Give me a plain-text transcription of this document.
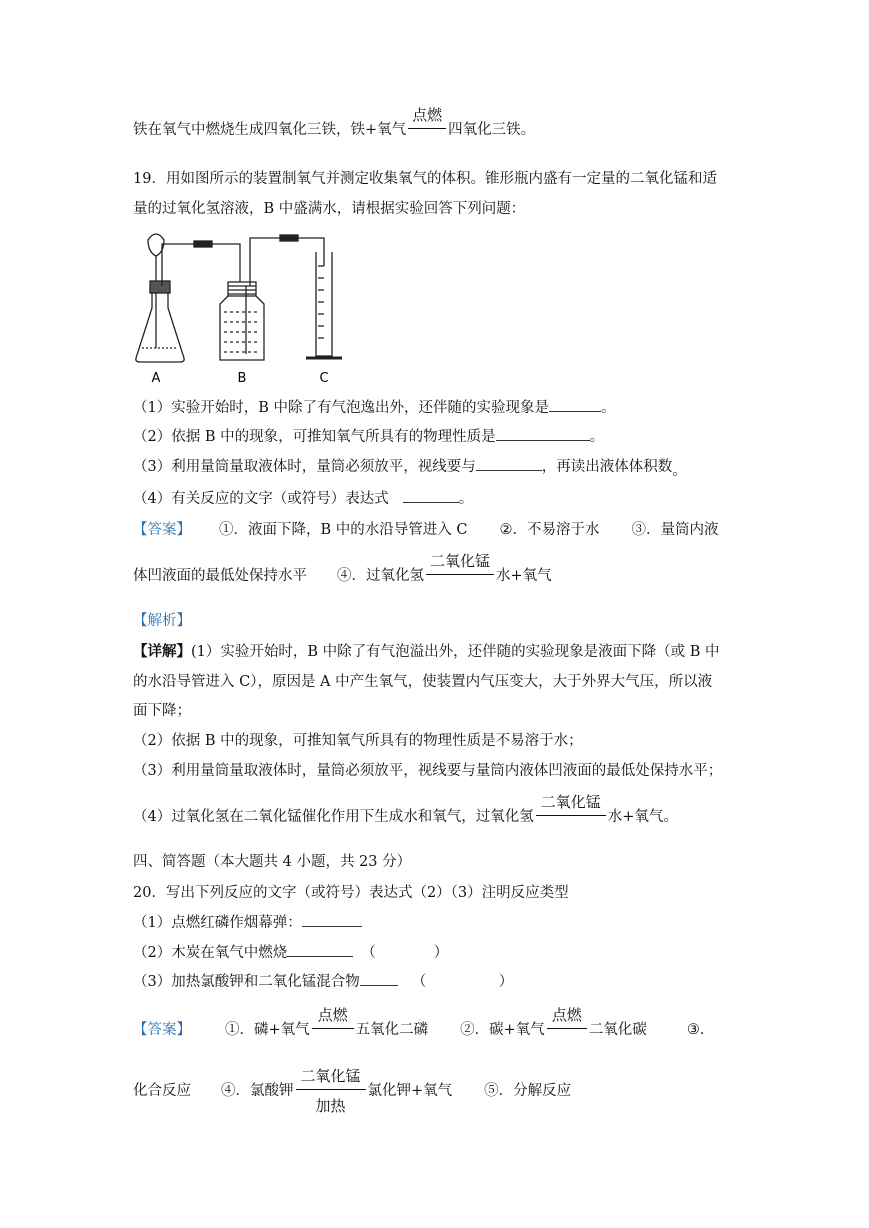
铁在氧气中燃烧生成四氧化三铁，铁+氧气
点燃
四氧化三铁。
19．用如图所示的装置制氧气并测定收集氧气的体积。锥形瓶内盛有一定量的二氧化锰和适
量的过氧化氢溶液，B 中盛满水，请根据实验回答下列问题：
A	B	C
（1）实验开始时，B 中除了有气泡逸出外，还伴随的实验现象是	。
（2）依据 B 中的现象，可推知氧气所具有的物理性质是	。
（3）利用量筒量取液体时，量筒必须放平，视线要与	，再读出液体体积数。
（4）有关反应的文字（或符号）表达式	。
【答案】 ①．液面下降，B 中的水沿导管进入 C ②．不易溶于水 ③．量筒内液
体凹液面的最低处保持水平 ④．过氧化氢
二氧化锰
水+氧气
【解析】
【详解】(1）实验开始时，B 中除了有气泡溢出外，还伴随的实验现象是液面下降（或 B 中
的水沿导管进入 C），原因是 A 中产生氧气，使装置内气压变大，大于外界大气压，所以液
面下降；
（2）依据 B 中的现象，可推知氧气所具有的物理性质是不易溶于水；
（3）利用量筒量取液体时，量筒必须放平，视线要与量筒内液体凹液面的最低处保持水平；
（4）过氧化氢在二氧化锰催化作用下生成水和氧气，过氧化氢
二氧化锰
水+氧气。
四、简答题（本大题共 4 小题，共 23 分）
20．写出下列反应的文字（或符号）表达式（2）（3）注明反应类型
（1）点燃红磷作烟幕弹：
（2）木炭在氧气中燃烧	（　　　　）
（3）加热氯酸钾和二氧化锰混合物	（　　　　　）
【答案】 ①．磷+氧气
点燃
五氧化二磷 ②．碳+氧气
点燃
二氧化碳	③．
化合反应 ④．氯酸钾
二氧化锰
加热
氯化钾+氧气 ⑤．分解反应
